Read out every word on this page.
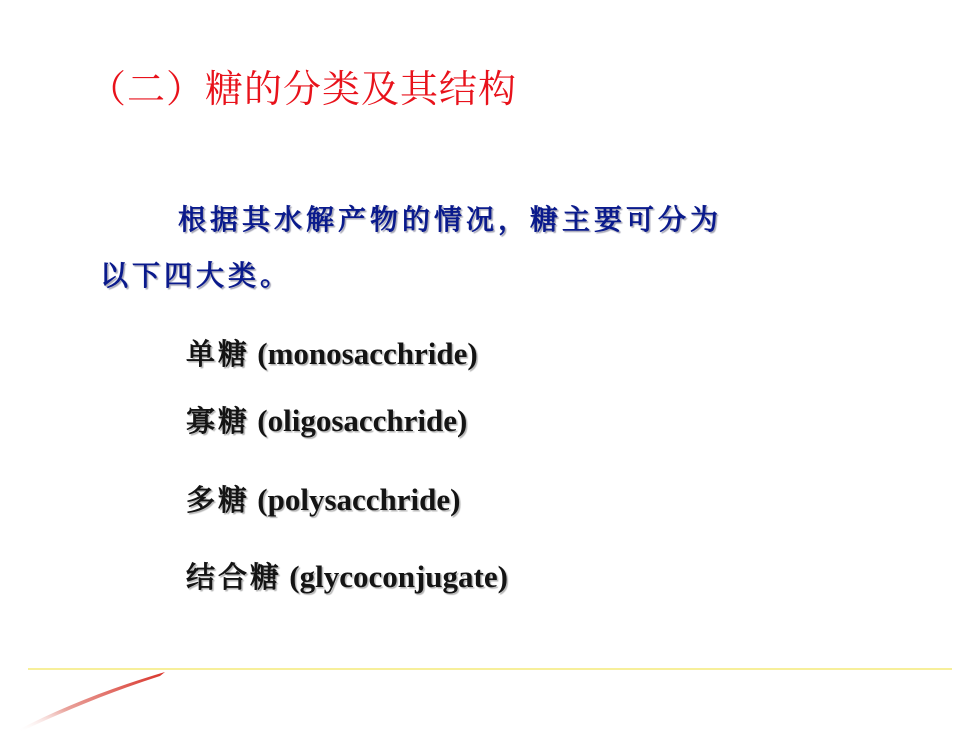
（二）糖的分类及其结构
根据其水解产物的情况，糖主要可分为
以下四大类。
单糖 (monosacchride)
寡糖 (oligosacchride)
多糖 (polysacchride)
结合糖 (glycoconjugate)
